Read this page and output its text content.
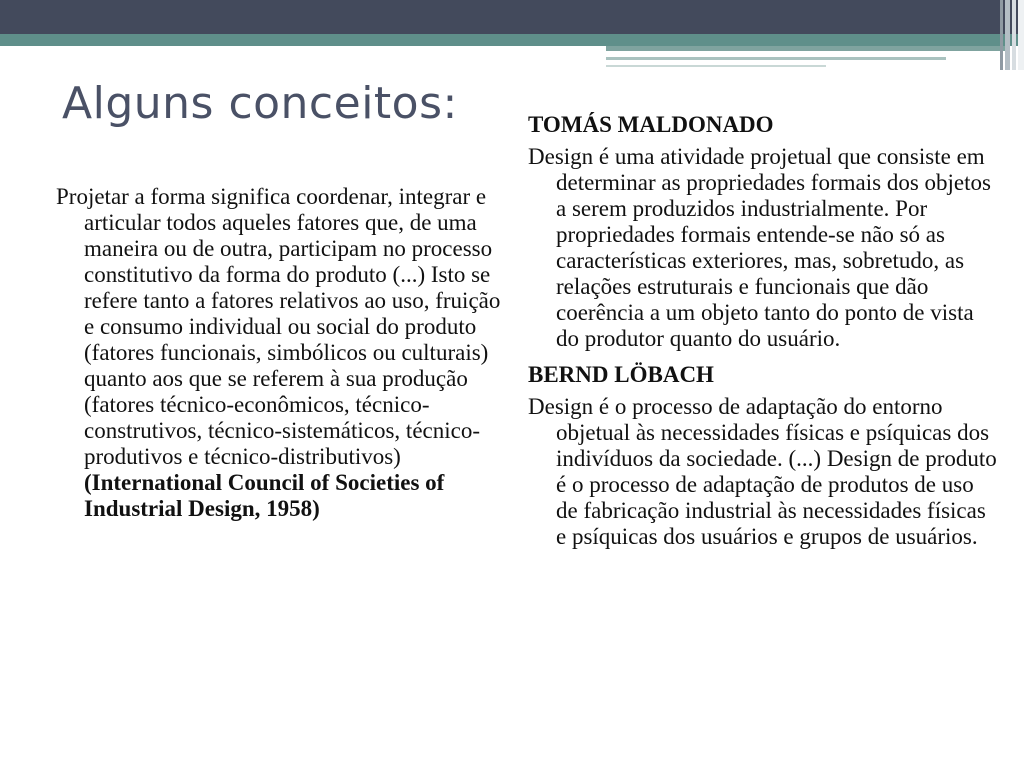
Alguns conceitos:

Projetar a forma significa coordenar, integrar e articular todos aqueles fatores que, de uma maneira ou de outra, participam no processo constitutivo da forma do produto (...) Isto se refere tanto a fatores relativos ao uso, fruição e consumo individual ou social do produto (fatores funcionais, simbólicos ou culturais) quanto aos que se referem à sua produção (fatores técnico-econômicos, técnico-construtivos, técnico-sistemáticos, técnico-produtivos e técnico-distributivos) (International Council of Societies of Industrial Design, 1958)

TOMÁS MALDONADO

Design é uma atividade projetual que consiste em determinar as propriedades formais dos objetos a serem produzidos industrialmente. Por propriedades formais entende-se não só as características exteriores, mas, sobretudo, as relações estruturais e funcionais que dão coerência a um objeto tanto do ponto de vista do produtor quanto do usuário.

BERND LÖBACH

Design é o processo de adaptação do entorno objetual às necessidades físicas e psíquicas dos indivíduos da sociedade. (...) Design de produto é o processo de adaptação de produtos de uso de fabricação industrial às necessidades físicas e psíquicas dos usuários e grupos de usuários.
